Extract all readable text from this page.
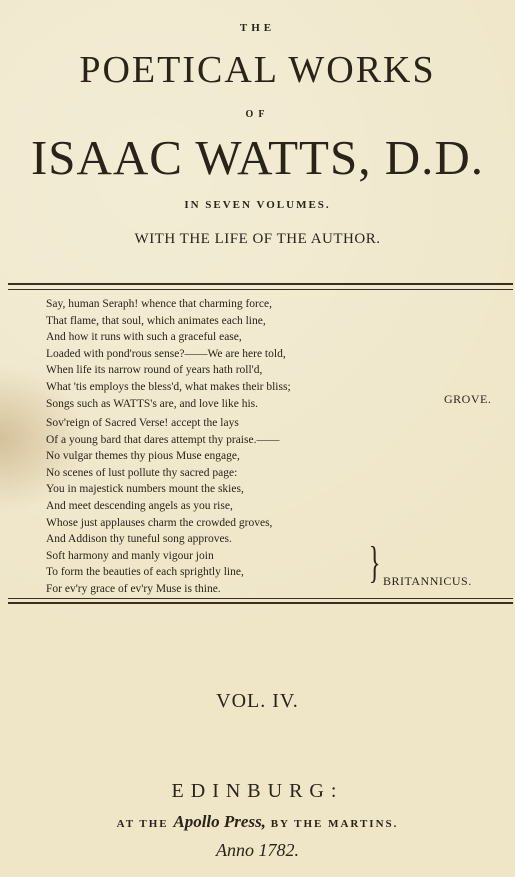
THE
POETICAL WORKS
OF
ISAAC WATTS, D.D.
IN SEVEN VOLUMES.
WITH THE LIFE OF THE AUTHOR.
Say, human Seraph! whence that charming force,
That flame, that soul, which animates each line,
And how it runs with such a graceful ease,
Loaded with pond'rous sense?——We are here told,
When life its narrow round of years hath roll'd,
What 'tis employs the bless'd, what makes their bliss;
Songs such as WATTS's are, and love like his.	GROVE.
Sov'reign of Sacred Verse! accept the lays
Of a young bard that dares attempt thy praise.——
No vulgar themes thy pious Muse engage,
No scenes of lust pollute thy sacred page:
You in majestick numbers mount the skies,
And meet descending angels as you rise,
Whose just applauses charm the crowded groves,
And Addison thy tuneful song approves.
Soft harmony and manly vigour join
To form the beauties of each sprightly line,
For ev'ry grace of ev'ry Muse is thine.
} BRITANNICUS.
VOL. IV.
EDINBURG:
AT THE Apollo Press, BY THE MARTINS.
Anno 1782.
